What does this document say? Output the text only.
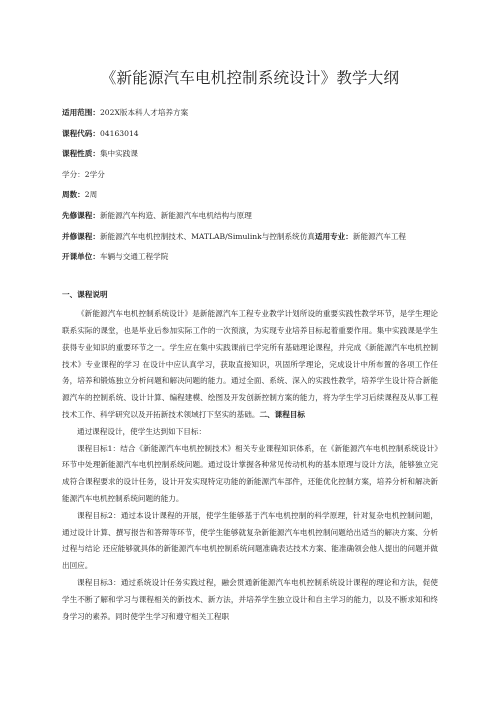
《新能源汽车电机控制系统设计》教学大纲
适用范围：202X版本科人才培养方案
课程代码：04163014
课程性质：集中实践课
学分：2学分
周数：2周
先修课程：新能源汽车构造、新能源汽车电机结构与原理
并修课程：新能源汽车电机控制技术、MATLAB/Simulink与控制系统仿真适用专业：新能源汽车工程
开课单位：车辆与交通工程学院
一、课程说明

《新能源汽车电机控制系统设计》是新能源汽车工程专业教学计划所设的重要实践性教学环节，是学生理论联系实际的课堂，也是毕业后参加实际工作的一次预演，为实现专业培养目标起着重要作用。集中实践课是学生获得专业知识的重要环节之一。学生应在集中实践课前已学完所有基础理论课程，并完成《新能源汽车电机控制技术》专业课程的学习 在设计中应认真学习，获取直接知识，巩固所学理论，完成设计中所布置的各项工作任务，培养和锻炼独立分析问题和解决问题的能力。通过全面、系统、深入的实践性教学，培养学生设计符合新能源汽车的控制系统、设计计算、编程建模、绘图及开发创新控制方案的能力，将为学生学习后续课程及从事工程技术工作、科学研究以及开拓新技术领域打下坚实的基础。二、课程目标

通过课程设计，使学生达到如下目标：

课程目标1：结合《新能源汽车电机控制技术》相关专业课程知识体系，在《新能源汽车电机控制系统设计》环节中处理新能源汽车电机控制系统问题。通过设计掌握各种常见传动机构的基本原理与设计方法，能够独立完成符合课程要求的设计任务，设计开发实现特定功能的新能源汽车部件，还能优化控制方案，培养分析和解决新能源汽车电机控制系统问题的能力。

课程目标2：通过本设计课程的开展，使学生能够基于汽车电机控制的科学原理，针对复杂电机控制问题，通过设计计算、撰写报告和答辩等环节，使学生能够就复杂新能源汽车电机控制问题给出适当的解决方案、分析过程与结论 还应能够就具体的新能源汽车电机控制系统问题准确表达技术方案、能准确领会他人提出的问题并做出回应。

课程目标3：通过系统设计任务实践过程，融会贯通新能源汽车电机控制系统设计课程的理论和方法，促使学生不断了解和学习与课程相关的新技术、新方法，并培养学生独立设计和自主学习的能力，以及不断求知和终身学习的素养。同时使学生学习和遵守相关工程职
